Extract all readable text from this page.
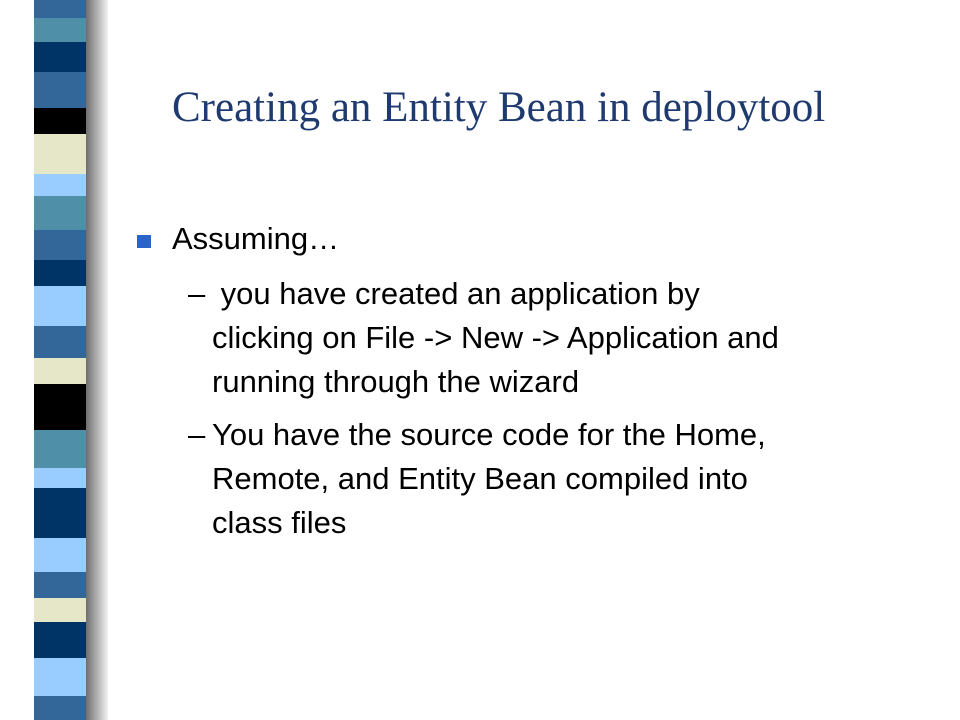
Creating an Entity Bean in deploytool
Assuming…
– you have created an application by
clicking on File -> New -> Application and
running through the wizard
– You have the source code for the Home,
Remote, and Entity Bean compiled into
class files
